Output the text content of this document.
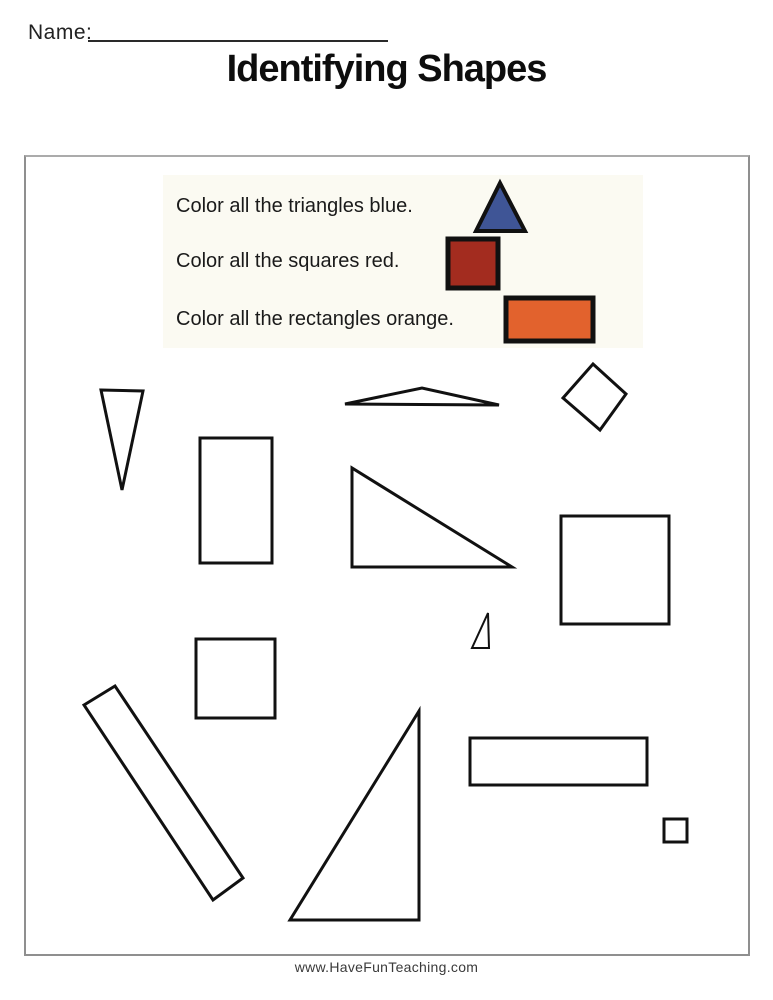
Name:
Identifying Shapes
Color all the triangles blue.
Color all the squares red.
Color all the rectangles orange.
www.HaveFunTeaching.com
